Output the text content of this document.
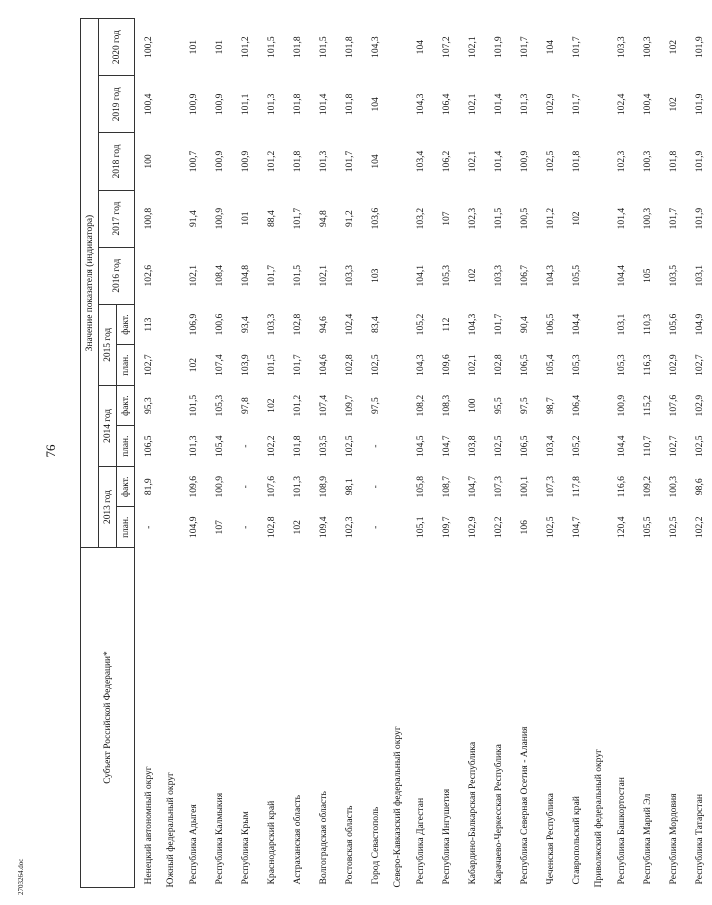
76
2703264.doc
Субъект Российской Федерации*	Значение показателя (индикатора)										
	2013 год		2014 год		2015 год		2016 год	2017 год	2018 год	2019 год	2020 год
	план.	факт.	план.	факт.	план.	факт.					
Ненецкий автономный округ	-	81,9	106,5	95,3	102,7	113	102,6	100,8	100	100,4	100,2
Южный федеральный округ											
Республика Адыгея	104,9	109,6	101,3	101,5	102	106,9	102,1	91,4	100,7	100,9	101
Республика Калмыкия	107	100,9	105,4	105,3	107,4	100,6	108,4	100,9	100,9	100,9	101
Республика Крым	-	-	-	97,8	103,9	93,4	104,8	101	100,9	101,1	101,2
Краснодарский край	102,8	107,6	102,2	102	101,5	103,3	101,7	88,4	101,2	101,3	101,5
Астраханская область	102	101,3	101,8	101,2	101,7	102,8	101,5	101,7	101,8	101,8	101,8
Волгоградская область	109,4	108,9	103,5	107,4	104,6	94,6	102,1	94,8	101,3	101,4	101,5
Ростовская область	102,3	98,1	102,5	109,7	102,8	102,4	103,3	91,2	101,7	101,8	101,8
Город Севастополь	-	-	-	97,5	102,5	83,4	103	103,6	104	104	104,3
Северо-Кавказский федеральный округ											
Республика Дагестан	105,1	105,8	104,5	108,2	104,3	105,2	104,1	103,2	103,4	104,3	104
Республика Ингушетия	109,7	108,7	104,7	108,3	109,6	112	105,3	107	106,2	106,4	107,2
Кабардино-Балкарская Республика	102,9	104,7	103,8	100	102,1	104,3	102	102,3	102,1	102,1	102,1
Карачаево-Черкесская Республика	102,2	107,3	102,5	95,5	102,8	101,7	103,3	101,5	101,4	101,4	101,9
Республика Северная Осетия - Алания	106	100,1	106,5	97,5	106,5	90,4	106,7	100,5	100,9	101,3	101,7
Чеченская Республика	102,5	107,3	103,4	98,7	105,4	106,5	104,3	101,2	102,5	102,9	104
Ставропольский край	104,7	117,8	105,2	106,4	105,3	104,4	105,5	102	101,8	101,7	101,7
Приволжский федеральный округ											
Республика Башкортостан	120,4	116,6	104,4	100,9	105,3	103,1	104,4	101,4	102,3	102,4	103,3
Республика Марий Эл	105,5	109,2	110,7	115,2	116,3	110,3	105	100,3	100,3	100,4	100,3
Республика Мордовия	102,5	100,3	102,7	107,6	102,9	105,6	103,5	101,7	101,8	102	102
Республика Татарстан	102,2	98,6	102,5	102,9	102,7	104,9	103,1	101,9	101,9	101,9	101,9
